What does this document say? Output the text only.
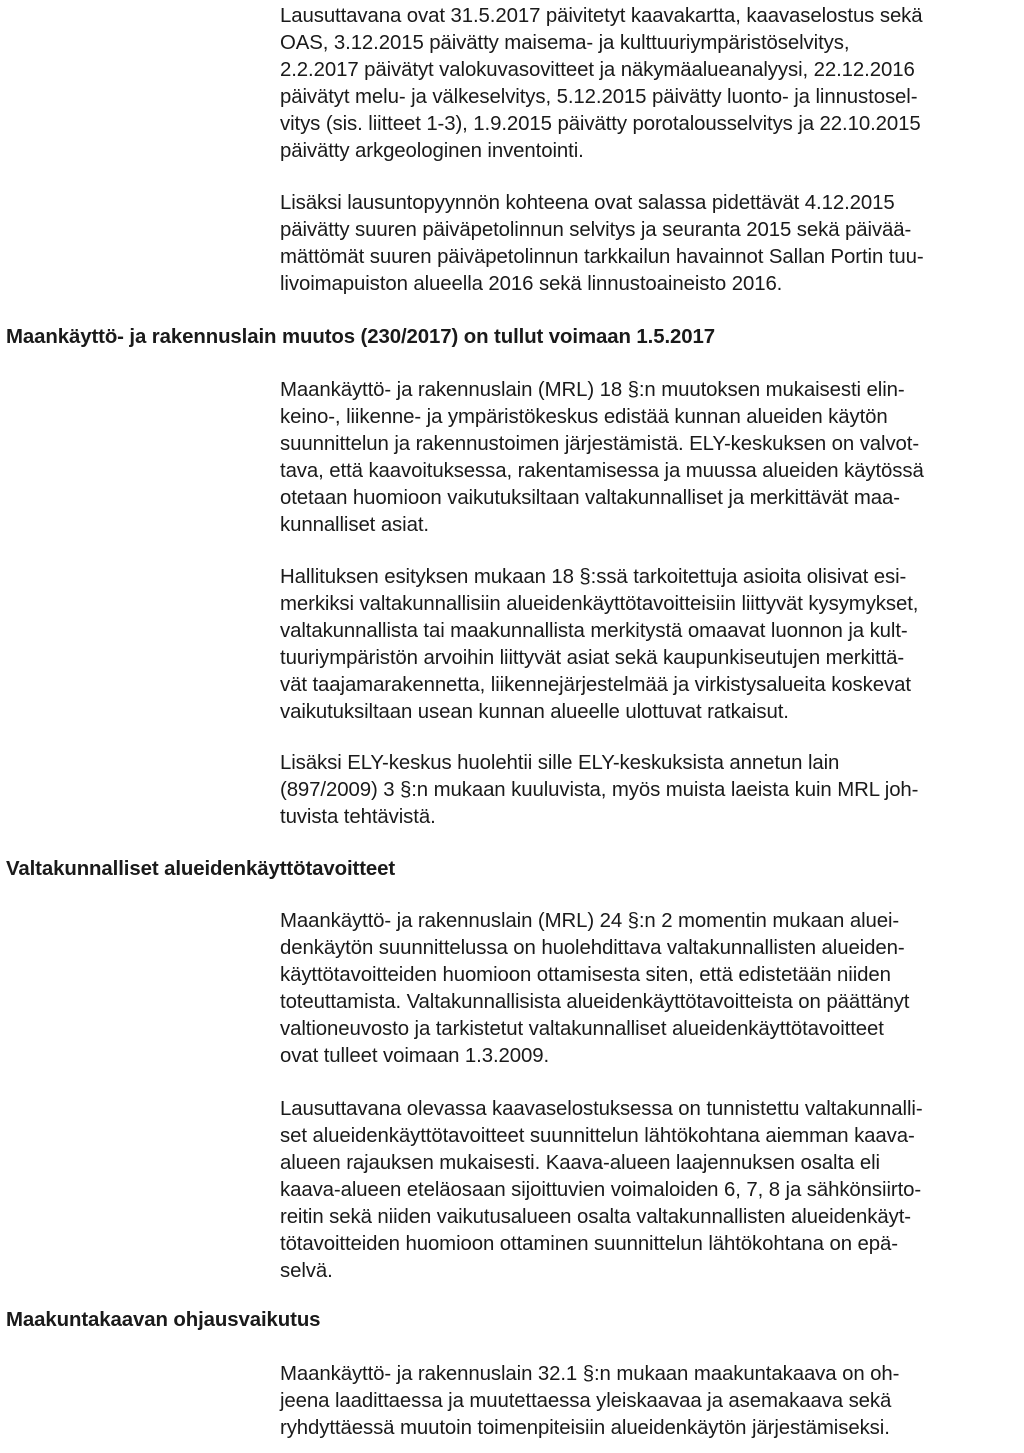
Lausuttavana ovat 31.5.2017 päivitetyt kaavakartta, kaavaselostus sekä
OAS, 3.12.2015 päivätty maisema- ja kulttuuriympäristöselvitys,
2.2.2017 päivätyt valokuvasovitteet ja näkymäalueanalyysi, 22.12.2016
päivätyt melu- ja välkeselvitys, 5.12.2015 päivätty luonto- ja linnustosel-
vitys (sis. liitteet 1-3), 1.9.2015 päivätty porotalousselvitys ja 22.10.2015
päivätty arkgeologinen inventointi.

Lisäksi lausuntopyynnön kohteena ovat salassa pidettävät 4.12.2015
päivätty suuren päiväpetolinnun selvitys ja seuranta 2015 sekä päivää-
mättömät suuren päiväpetolinnun tarkkailun havainnot Sallan Portin tuu-
livoimapuiston alueella 2016 sekä linnustoaineisto 2016.

Maankäyttö- ja rakennuslain muutos (230/2017) on tullut voimaan 1.5.2017

Maankäyttö- ja rakennuslain (MRL) 18 §:n muutoksen mukaisesti elin-
keino-, liikenne- ja ympäristökeskus edistää kunnan alueiden käytön
suunnittelun ja rakennustoimen järjestämistä. ELY-keskuksen on valvot-
tava, että kaavoituksessa, rakentamisessa ja muussa alueiden käytössä
otetaan huomioon vaikutuksiltaan valtakunnalliset ja merkittävät maa-
kunnalliset asiat.

Hallituksen esityksen mukaan 18 §:ssä tarkoitettuja asioita olisivat esi-
merkiksi valtakunnallisiin alueidenkäyttötavoitteisiin liittyvät kysymykset,
valtakunnallista tai maakunnallista merkitystä omaavat luonnon ja kult-
tuuriympäristön arvoihin liittyvät asiat sekä kaupunkiseutujen merkittä-
vät taajamarakennetta, liikennejärjestelmää ja virkistysalueita koskevat
vaikutuksiltaan usean kunnan alueelle ulottuvat ratkaisut.

Lisäksi ELY-keskus huolehtii sille ELY-keskuksista annetun lain
(897/2009) 3 §:n mukaan kuuluvista, myös muista laeista kuin MRL joh-
tuvista tehtävistä.

Valtakunnalliset alueidenkäyttötavoitteet

Maankäyttö- ja rakennuslain (MRL) 24 §:n 2 momentin mukaan aluei-
denkäytön suunnittelussa on huolehdittava valtakunnallisten alueiden-
käyttötavoitteiden huomioon ottamisesta siten, että edistetään niiden
toteuttamista. Valtakunnallisista alueidenkäyttötavoitteista on päättänyt
valtioneuvosto ja tarkistetut valtakunnalliset alueidenkäyttötavoitteet
ovat tulleet voimaan 1.3.2009.

Lausuttavana olevassa kaavaselostuksessa on tunnistettu valtakunnalli-
set alueidenkäyttötavoitteet suunnittelun lähtökohtana aiemman kaava-
alueen rajauksen mukaisesti. Kaava-alueen laajennuksen osalta eli
kaava-alueen eteläosaan sijoittuvien voimaloiden 6, 7, 8 ja sähkönsiirto-
reitin sekä niiden vaikutusalueen osalta valtakunnallisten alueidenkäyt-
tötavoitteiden huomioon ottaminen suunnittelun lähtökohtana on epä-
selvä.

Maakuntakaavan ohjausvaikutus

Maankäyttö- ja rakennuslain 32.1 §:n mukaan maakuntakaava on oh-
jeena laadittaessa ja muutettaessa yleiskaavaa ja asemakaava sekä
ryhdyttäessä muutoin toimenpiteisiin alueidenkäytön järjestämiseksi.
